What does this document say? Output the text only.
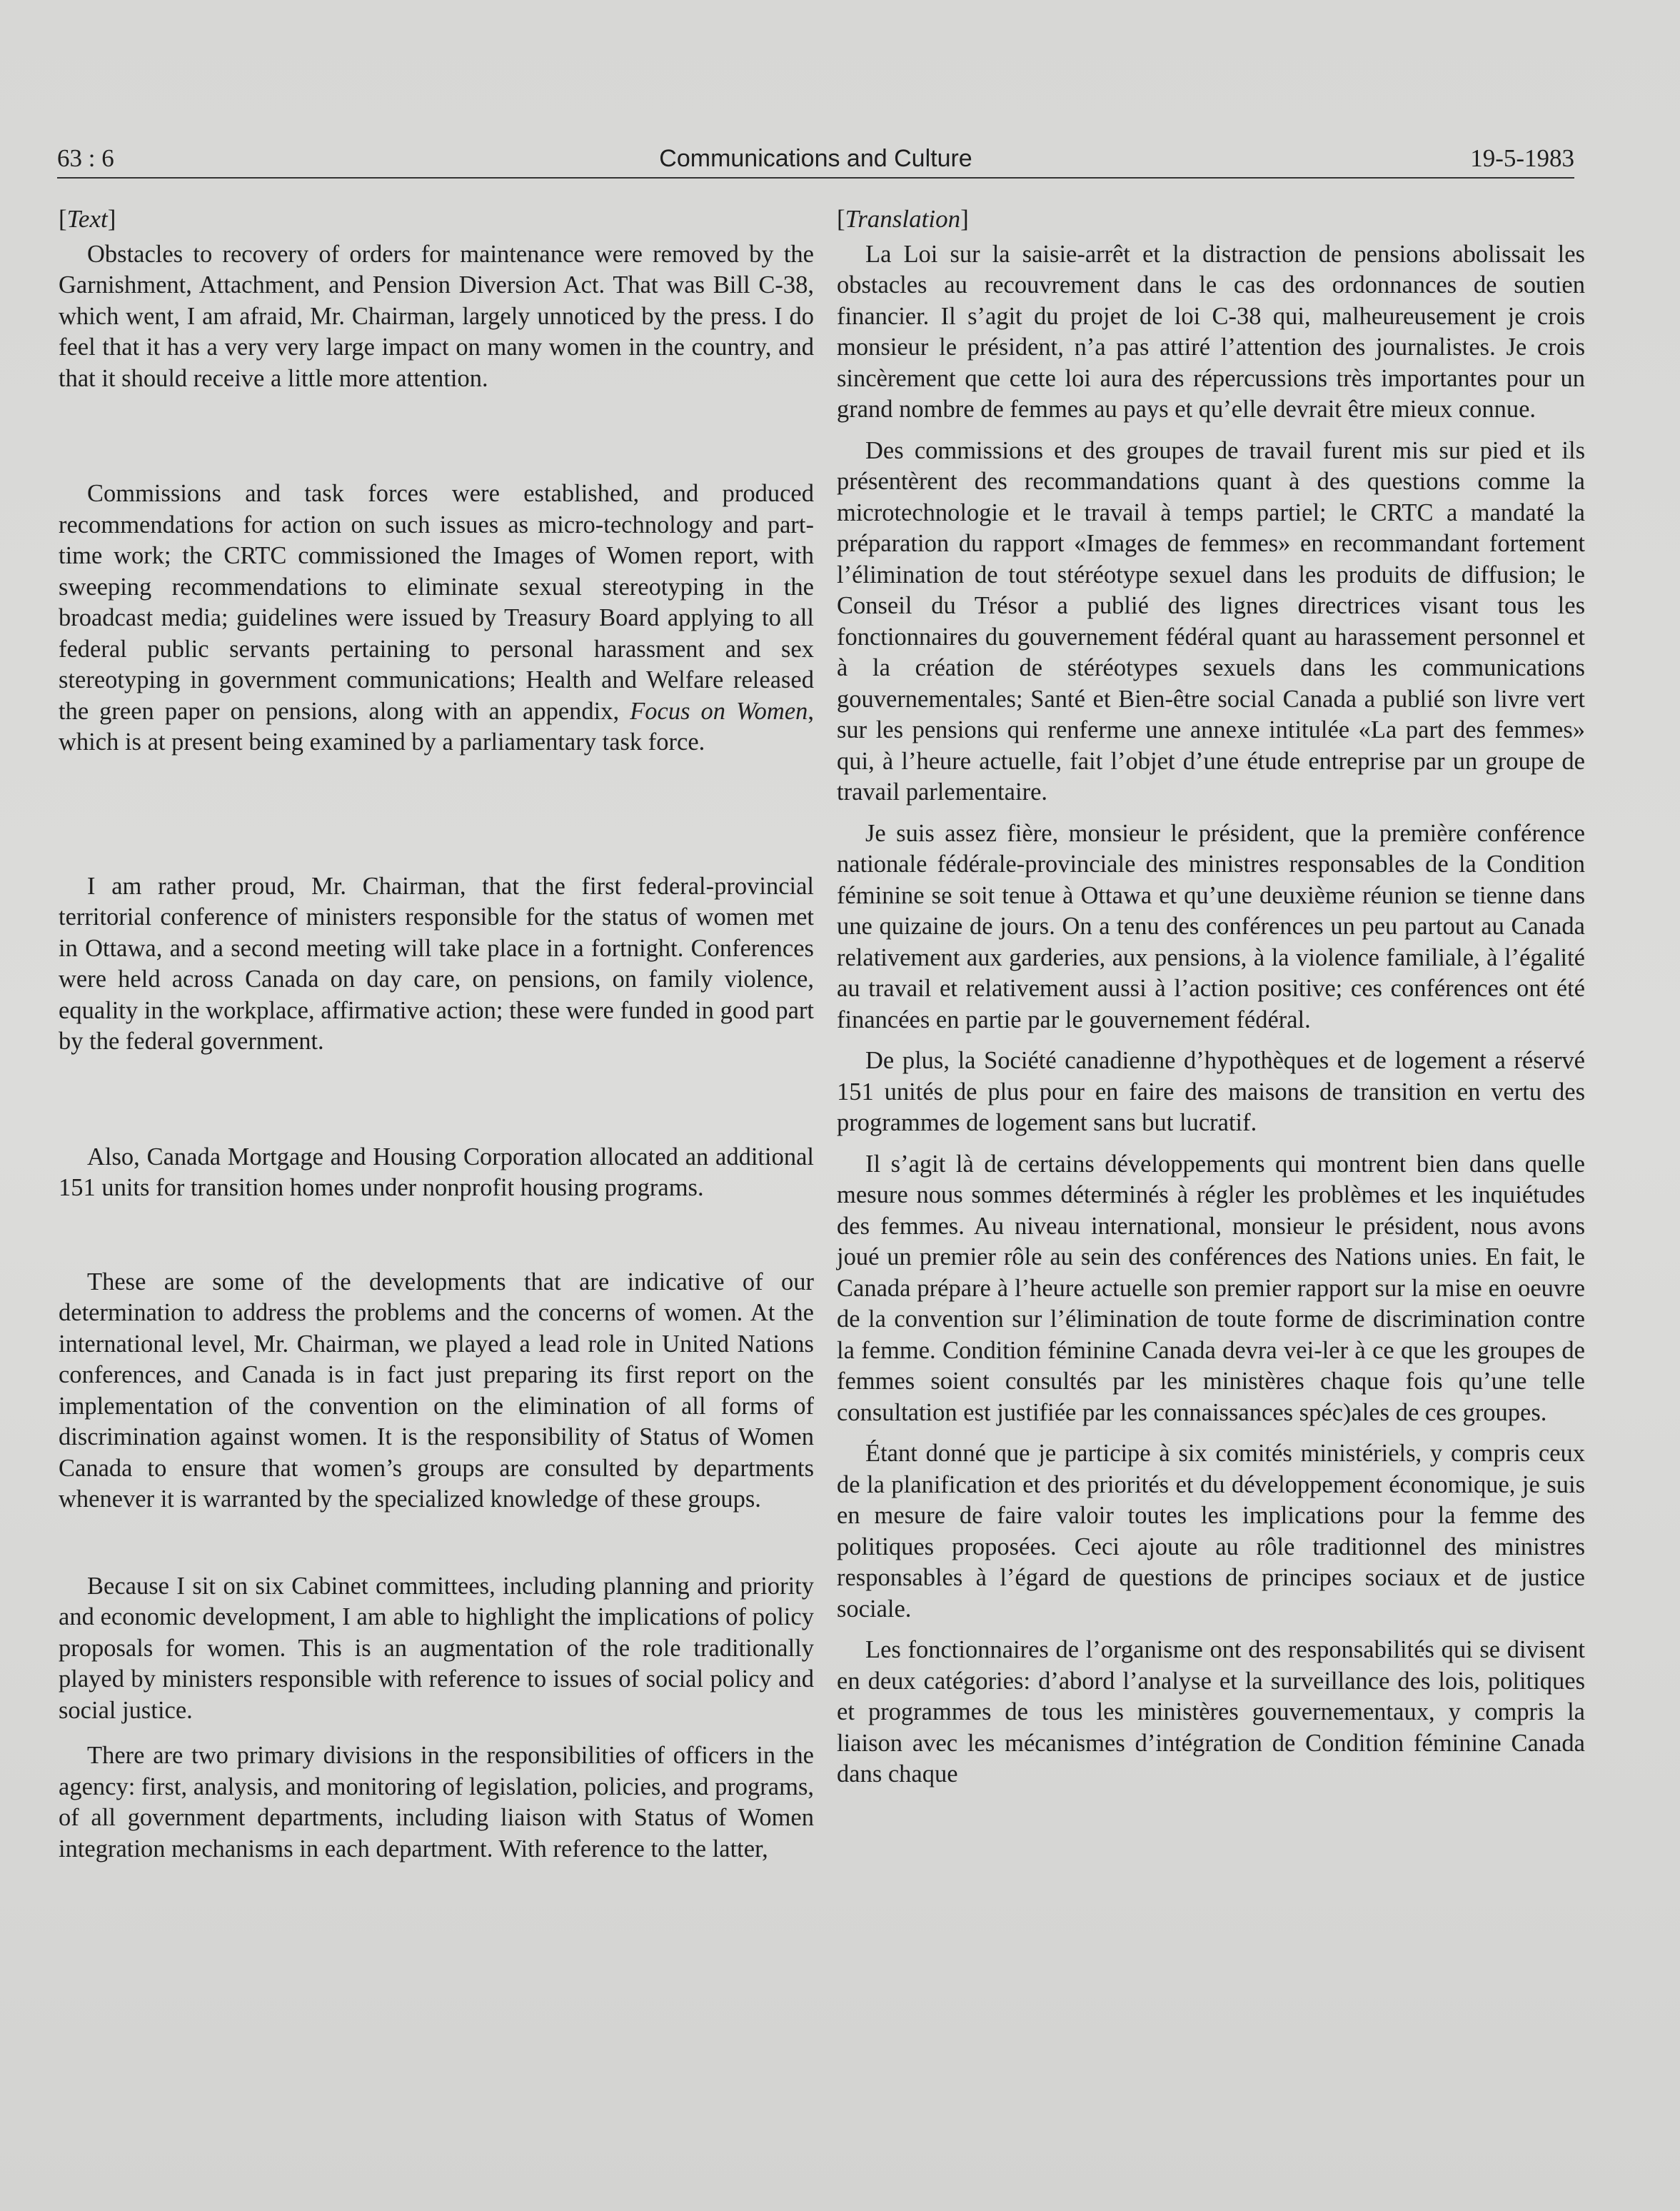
63 : 6	Communications and Culture	19-5-1983
[Text]

Obstacles to recovery of orders for maintenance were removed by the Garnishment, Attachment, and Pension Diversion Act. That was Bill C-38, which went, I am afraid, Mr. Chairman, largely unnoticed by the press. I do feel that it has a very very large impact on many women in the country, and that it should receive a little more attention.

Commissions and task forces were established, and produced recommendations for action on such issues as micro-technology and part-time work; the CRTC commissioned the Images of Women report, with sweeping recommendations to eliminate sexual stereotyping in the broadcast media; guidelines were issued by Treasury Board applying to all federal public servants pertaining to personal harassment and sex stereotyping in government communications; Health and Welfare released the green paper on pensions, along with an appendix, Focus on Women, which is at present being examined by a parliamentary task force.

I am rather proud, Mr. Chairman, that the first federal-provincial territorial conference of ministers responsible for the status of women met in Ottawa, and a second meeting will take place in a fortnight. Conferences were held across Canada on day care, on pensions, on family violence, equality in the workplace, affirmative action; these were funded in good part by the federal government.

Also, Canada Mortgage and Housing Corporation allocated an additional 151 units for transition homes under nonprofit housing programs.

These are some of the developments that are indicative of our determination to address the problems and the concerns of women. At the international level, Mr. Chairman, we played a lead role in United Nations conferences, and Canada is in fact just preparing its first report on the implementation of the convention on the elimination of all forms of discrimination against women. It is the responsibility of Status of Women Canada to ensure that women’s groups are consulted by departments whenever it is warranted by the specialized knowledge of these groups.

Because I sit on six Cabinet committees, including planning and priority and economic development, I am able to highlight the implications of policy proposals for women. This is an augmentation of the role traditionally played by ministers responsible with reference to issues of social policy and social justice.

There are two primary divisions in the responsibilities of officers in the agency: first, analysis, and monitoring of legislation, policies, and programs, of all government departments, including liaison with Status of Women integration mechanisms in each department. With reference to the latter,

[Translation]

La Loi sur la saisie-arrêt et la distraction de pensions abolissait les obstacles au recouvrement dans le cas des ordonnances de soutien financier. Il s’agit du projet de loi C-38 qui, malheureusement je crois monsieur le président, n’a pas attiré l’attention des journalistes. Je crois sincèrement que cette loi aura des répercussions très importantes pour un grand nombre de femmes au pays et qu’elle devrait être mieux connue.

Des commissions et des groupes de travail furent mis sur pied et ils présentèrent des recommandations quant à des questions comme la microtechnologie et le travail à temps partiel; le CRTC a mandaté la préparation du rapport «Images de femmes» en recommandant fortement l’élimination de tout stéréotype sexuel dans les produits de diffusion; le Conseil du Trésor a publié des lignes directrices visant tous les fonctionnaires du gouvernement fédéral quant au harassement personnel et à la création de stéréotypes sexuels dans les communications gouvernementales; Santé et Bien-être social Canada a publié son livre vert sur les pensions qui renferme une annexe intitulée «La part des femmes» qui, à l’heure actuelle, fait l’objet d’une étude entreprise par un groupe de travail parlementaire.

Je suis assez fière, monsieur le président, que la première conférence nationale fédérale-provinciale des ministres responsables de la Condition féminine se soit tenue à Ottawa et qu’une deuxième réunion se tienne dans une quizaine de jours. On a tenu des conférences un peu partout au Canada relativement aux garderies, aux pensions, à la violence familiale, à l’égalité au travail et relativement aussi à l’action positive; ces conférences ont été financées en partie par le gouvernement fédéral.

De plus, la Société canadienne d’hypothèques et de logement a réservé 151 unités de plus pour en faire des maisons de transition en vertu des programmes de logement sans but lucratif.

Il s’agit là de certains développements qui montrent bien dans quelle mesure nous sommes déterminés à régler les problèmes et les inquiétudes des femmes. Au niveau international, monsieur le président, nous avons joué un premier rôle au sein des conférences des Nations unies. En fait, le Canada prépare à l’heure actuelle son premier rapport sur la mise en oeuvre de la convention sur l’élimination de toute forme de discrimination contre la femme. Condition féminine Canada devra vei-ler à ce que les groupes de femmes soient consultés par les ministères chaque fois qu’une telle consultation est justifiée par les connaissances spéc)ales de ces groupes.

Étant donné que je participe à six comités ministériels, y compris ceux de la planification et des priorités et du développement économique, je suis en mesure de faire valoir toutes les implications pour la femme des politiques proposées. Ceci ajoute au rôle traditionnel des ministres responsables à l’égard de questions de principes sociaux et de justice sociale.

Les fonctionnaires de l’organisme ont des responsabilités qui se divisent en deux catégories: d’abord l’analyse et la surveillance des lois, politiques et programmes de tous les ministères gouvernementaux, y compris la liaison avec les mécanismes d’intégration de Condition féminine Canada dans chaque
